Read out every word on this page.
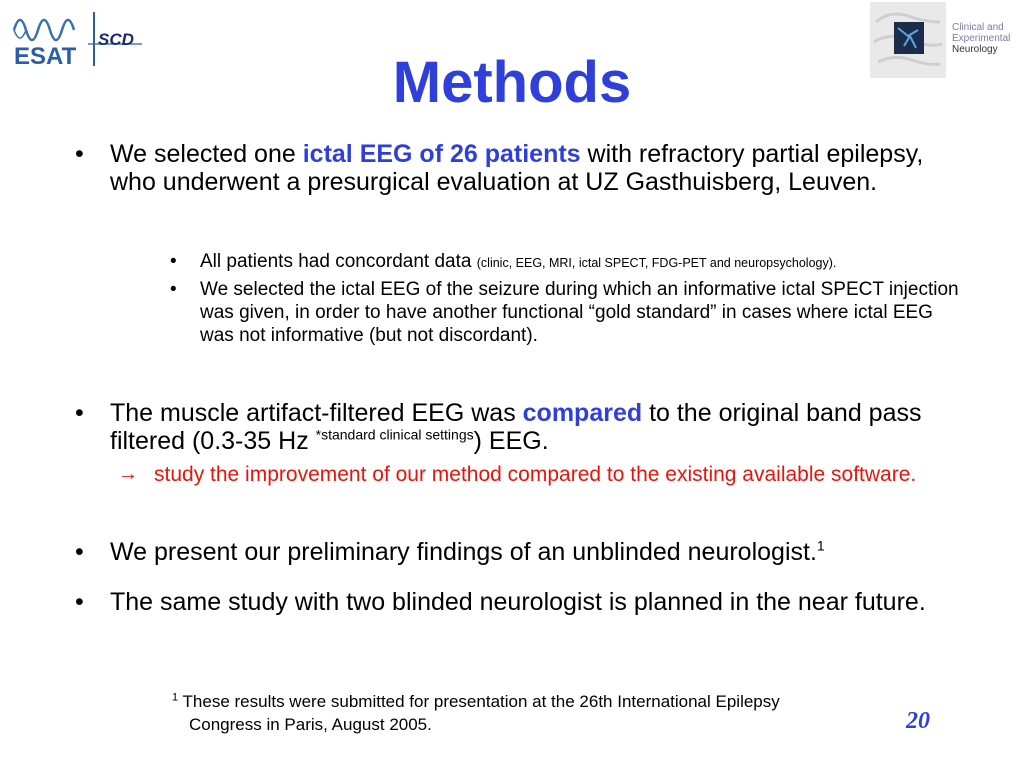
ESAT
SCD
Clinical and
Experimental
Neurology
Methods
• We selected one ictal EEG of 26 patients with refractory partial epilepsy, who underwent a presurgical evaluation at UZ Gasthuisberg, Leuven.
• All patients had concordant data (clinic, EEG, MRI, ictal SPECT, FDG-PET and neuropsychology).
• We selected the ictal EEG of the seizure during which an informative ictal SPECT injection was given, in order to have another functional “gold standard” in cases where ictal EEG was not informative (but not discordant).
• The muscle artifact-filtered EEG was compared to the original band pass filtered (0.3-35 Hz $^{*standard clinical settings}$) EEG.
→ study the improvement of our method compared to the existing available software.
• We present our preliminary findings of an unblinded neurologist.$^1$
• The same study with two blinded neurologist is planned in the near future.
$^1$ These results were submitted for presentation at the 26th International Epilepsy
Congress in Paris, August 2005.	20
